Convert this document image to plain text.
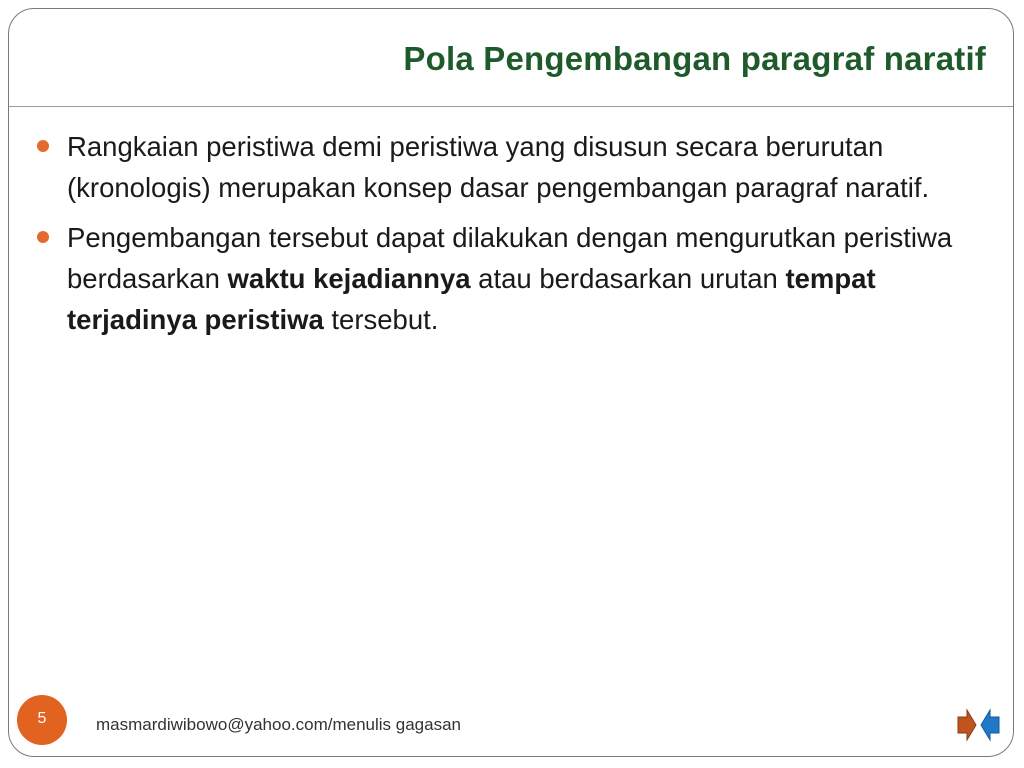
Pola Pengembangan paragraf naratif
Rangkaian peristiwa demi peristiwa yang disusun secara berurutan (kronologis) merupakan konsep dasar pengembangan paragraf naratif.
Pengembangan tersebut dapat dilakukan dengan mengurutkan peristiwa berdasarkan waktu kejadiannya atau berdasarkan urutan tempat terjadinya peristiwa tersebut.
5	masmardiwibowo@yahoo.com/menulis gagasan
